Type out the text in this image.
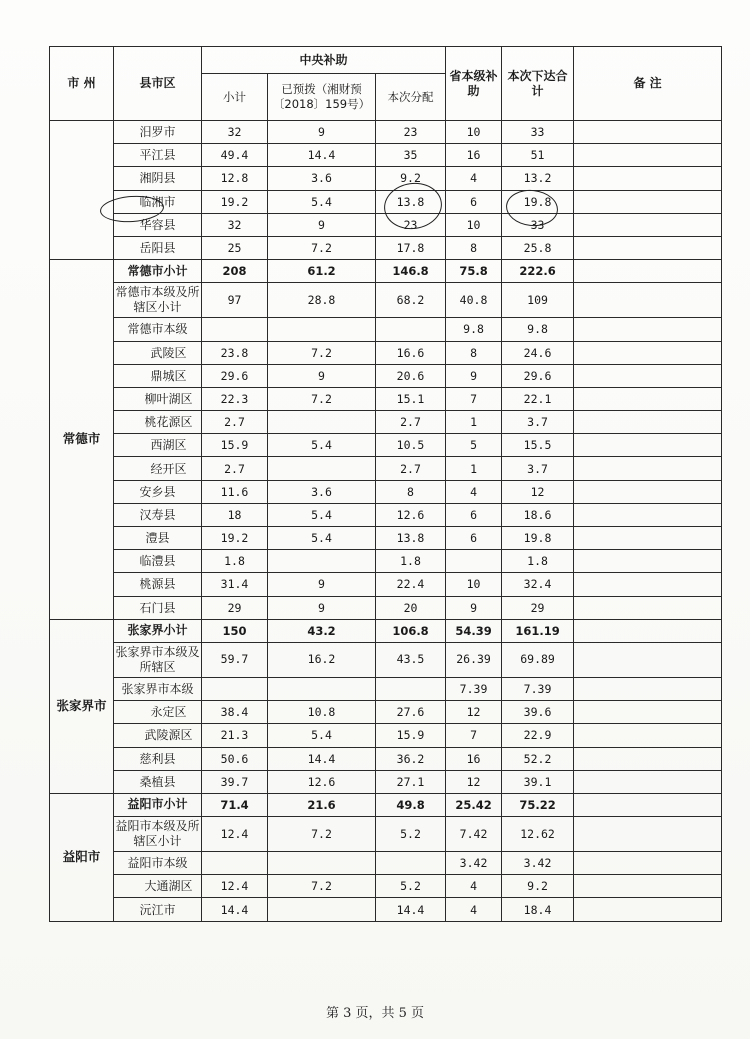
市 州	县市区	中央补助			省本级补助	本次下达合计	备 注
		小计	已预拨（湘财预〔2018〕159号）	本次分配			
	汨罗市	32	9	23	10	33	
	平江县	49.4	14.4	35	16	51	
	湘阴县	12.8	3.6	9.2	4	13.2	
	临湘市	19.2	5.4	13.8	6	19.8	
	华容县	32	9	23	10	33	
	岳阳县	25	7.2	17.8	8	25.8	
常德市	常德市小计	208	61.2	146.8	75.8	222.6	
	常德市本级及所辖区小计	97	28.8	68.2	40.8	109	
	常德市本级				9.8	9.8	
	武陵区	23.8	7.2	16.6	8	24.6	
	鼎城区	29.6	9	20.6	9	29.6	
	柳叶湖区	22.3	7.2	15.1	7	22.1	
	桃花源区	2.7		2.7	1	3.7	
	西湖区	15.9	5.4	10.5	5	15.5	
	经开区	2.7		2.7	1	3.7	
	安乡县	11.6	3.6	8	4	12	
	汉寿县	18	5.4	12.6	6	18.6	
	澧县	19.2	5.4	13.8	6	19.8	
	临澧县	1.8		1.8		1.8	
	桃源县	31.4	9	22.4	10	32.4	
	石门县	29	9	20	9	29	
张家界市	张家界小计	150	43.2	106.8	54.39	161.19	
	张家界市本级及所辖区	59.7	16.2	43.5	26.39	69.89	
	张家界市本级				7.39	7.39	
	永定区	38.4	10.8	27.6	12	39.6	
	武陵源区	21.3	5.4	15.9	7	22.9	
	慈利县	50.6	14.4	36.2	16	52.2	
	桑植县	39.7	12.6	27.1	12	39.1	
益阳市	益阳市小计	71.4	21.6	49.8	25.42	75.22	
	益阳市本级及所辖区小计	12.4	7.2	5.2	7.42	12.62	
	益阳市本级				3.42	3.42	
	大通湖区	12.4	7.2	5.2	4	9.2	
	沅江市	14.4		14.4	4	18.4	
第 3 页，共 5 页
